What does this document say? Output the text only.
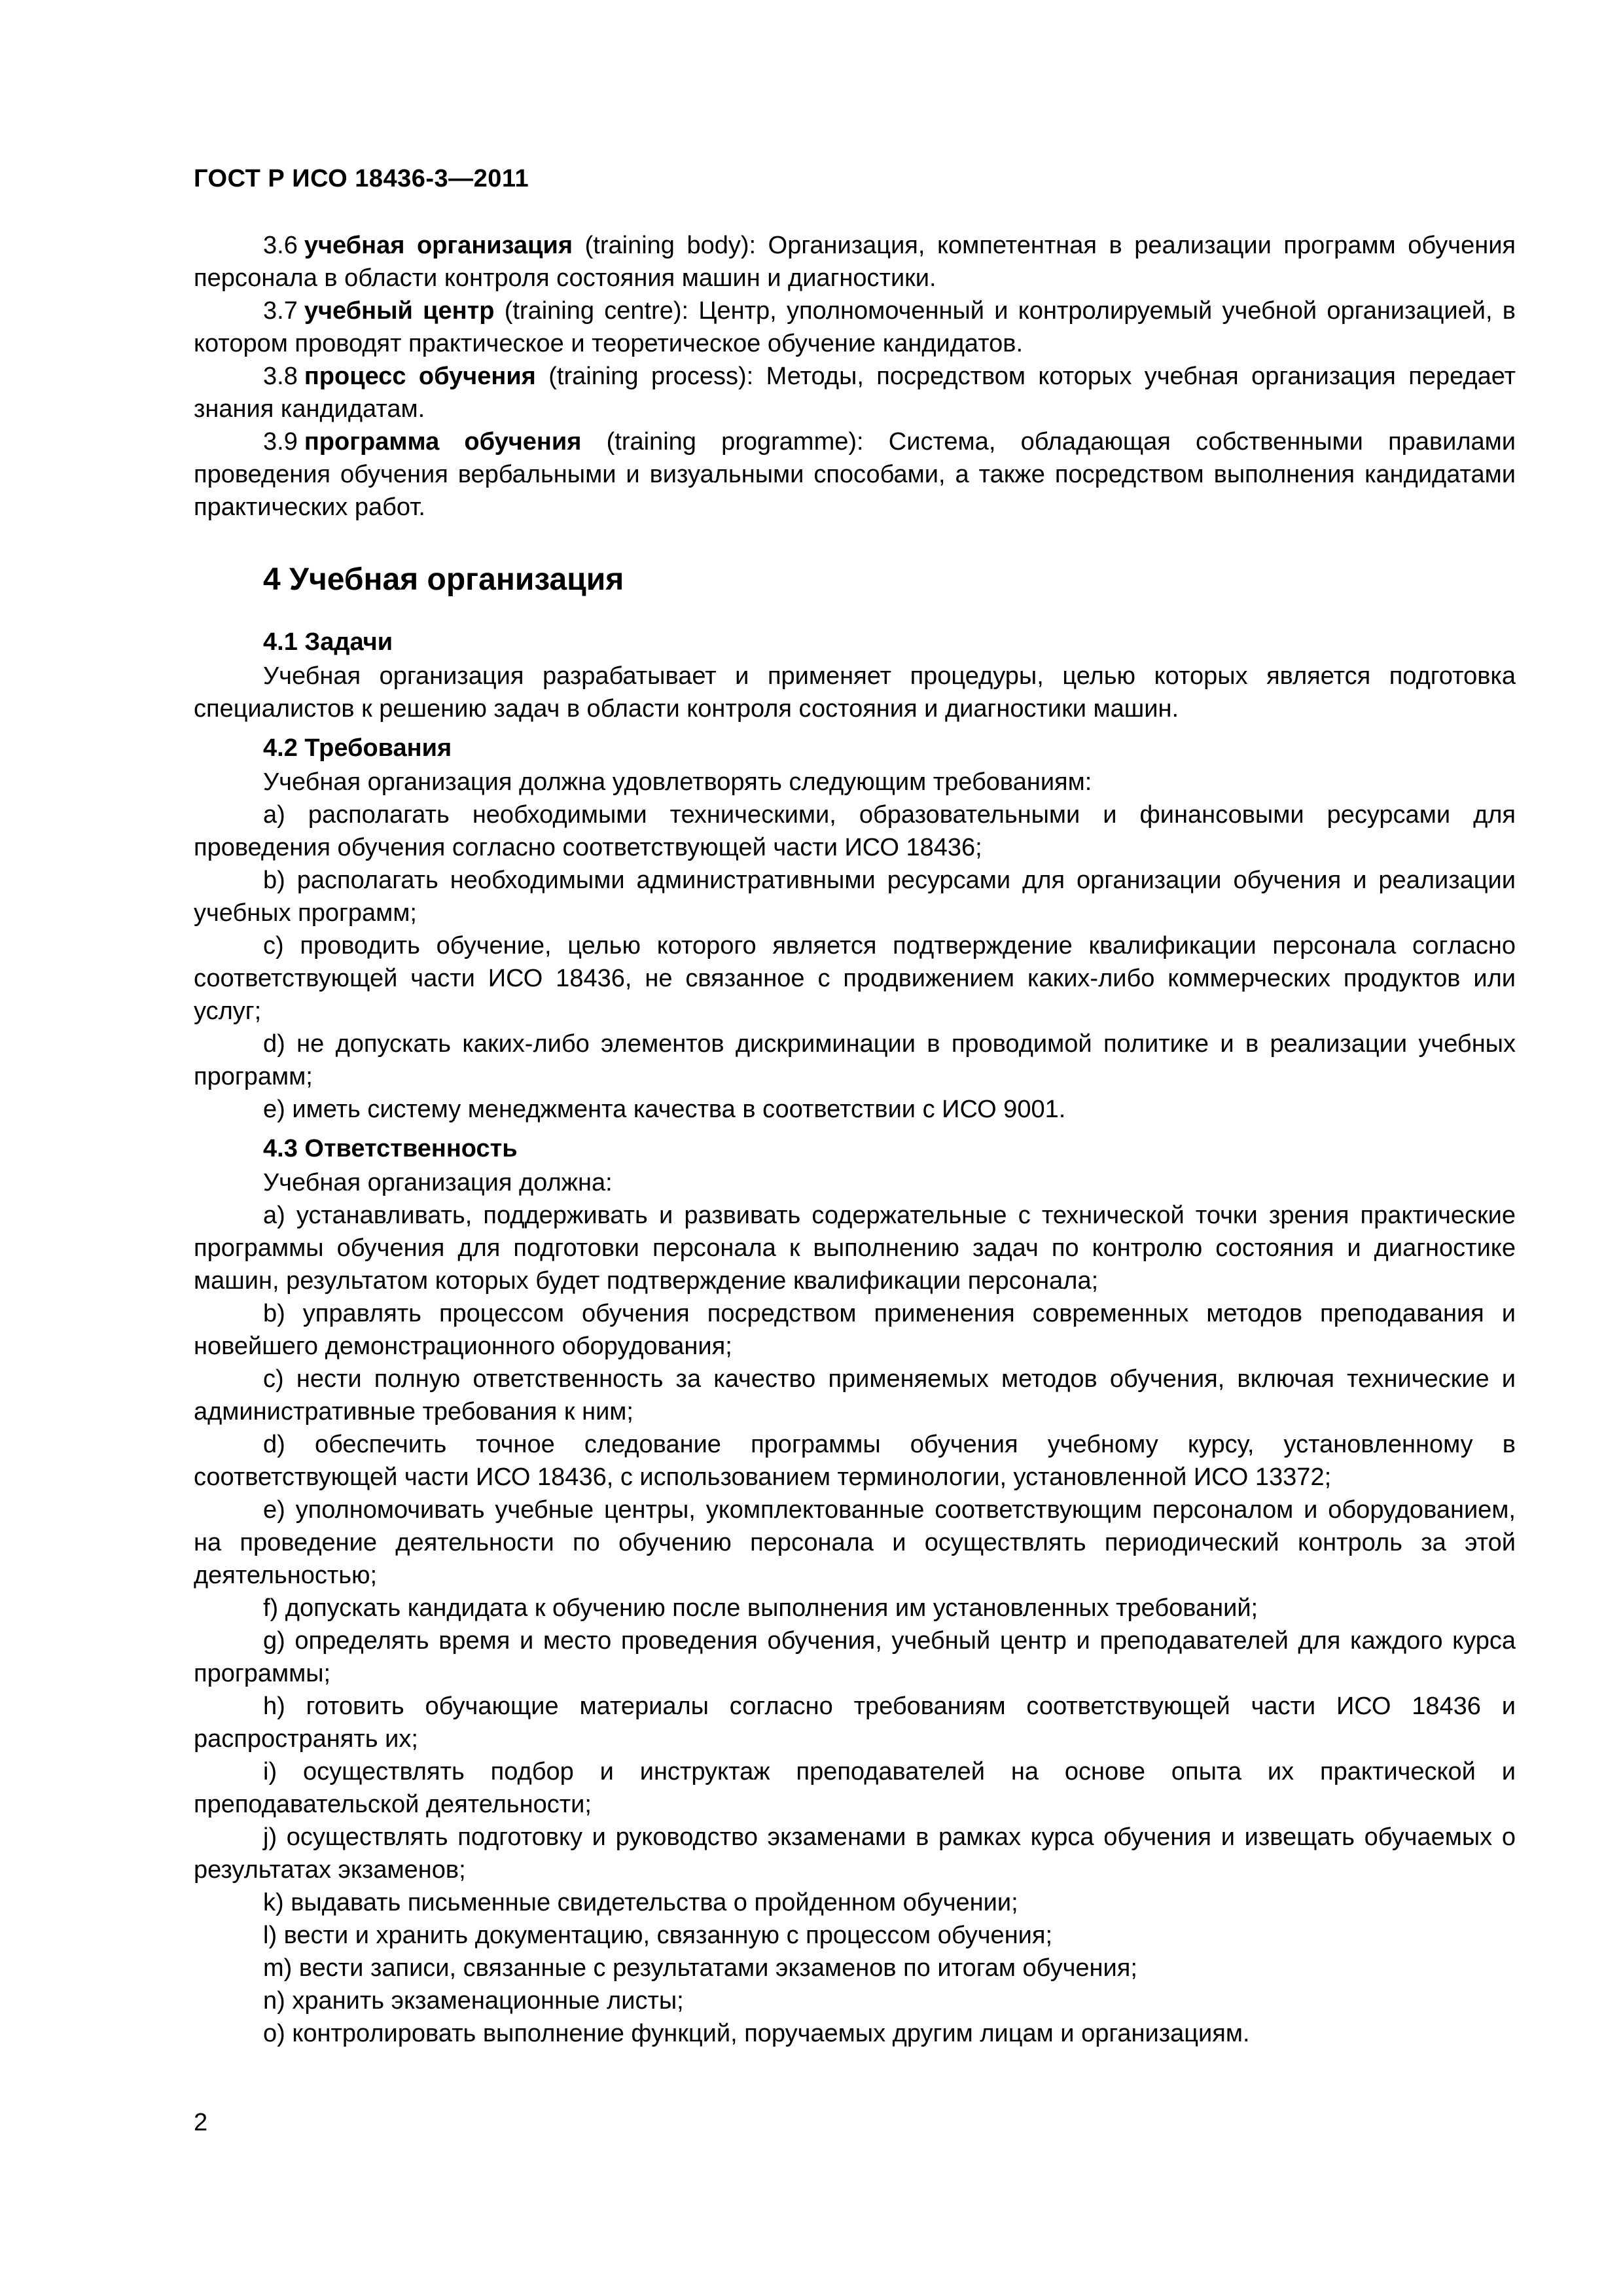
ГОСТ Р ИСО 18436-3—2011

3.6 учебная организация (training body): Организация, компетентная в реализации программ обучения персонала в области контроля состояния машин и диагностики.

3.7 учебный центр (training centre): Центр, уполномоченный и контролируемый учебной организацией, в котором проводят практическое и теоретическое обучение кандидатов.

3.8 процесс обучения (training process): Методы, посредством которых учебная организация передает знания кандидатам.

3.9 программа обучения (training programme): Система, обладающая собственными правилами проведения обучения вербальными и визуальными способами, а также посредством выполнения кандидатами практических работ.

4 Учебная организация
4.1 Задачи

Учебная организация разрабатывает и применяет процедуры, целью которых является подготовка специалистов к решению задач в области контроля состояния и диагностики машин.

4.2 Требования

Учебная организация должна удовлетворять следующим требованиям:

a) располагать необходимыми техническими, образовательными и финансовыми ресурсами для проведения обучения согласно соответствующей части ИСО 18436;

b) располагать необходимыми административными ресурсами для организации обучения и реализации учебных программ;

c) проводить обучение, целью которого является подтверждение квалификации персонала согласно соответствующей части ИСО 18436, не связанное с продвижением каких-либо коммерческих продуктов или услуг;

d) не допускать каких-либо элементов дискриминации в проводимой политике и в реализации учебных программ;

e) иметь систему менеджмента качества в соответствии с ИСО 9001.

4.3 Ответственность

Учебная организация должна:

a) устанавливать, поддерживать и развивать содержательные с технической точки зрения практические программы обучения для подготовки персонала к выполнению задач по контролю состояния и диагностике машин, результатом которых будет подтверждение квалификации персонала;

b) управлять процессом обучения посредством применения современных методов преподавания и новейшего демонстрационного оборудования;

c) нести полную ответственность за качество применяемых методов обучения, включая технические и административные требования к ним;

d) обеспечить точное следование программы обучения учебному курсу, установленному в соответствующей части ИСО 18436, с использованием терминологии, установленной ИСО 13372;

e) уполномочивать учебные центры, укомплектованные соответствующим персоналом и оборудованием, на проведение деятельности по обучению персонала и осуществлять периодический контроль за этой деятельностью;

f) допускать кандидата к обучению после выполнения им установленных требований;

g) определять время и место проведения обучения, учебный центр и преподавателей для каждого курса программы;

h) готовить обучающие материалы согласно требованиям соответствующей части ИСО 18436 и распространять их;

i) осуществлять подбор и инструктаж преподавателей на основе опыта их практической и преподавательской деятельности;

j) осуществлять подготовку и руководство экзаменами в рамках курса обучения и извещать обучаемых о результатах экзаменов;

k) выдавать письменные свидетельства о пройденном обучении;

l) вести и хранить документацию, связанную с процессом обучения;

m) вести записи, связанные с результатами экзаменов по итогам обучения;

n) хранить экзаменационные листы;

o) контролировать выполнение функций, поручаемых другим лицам и организациям.

2
